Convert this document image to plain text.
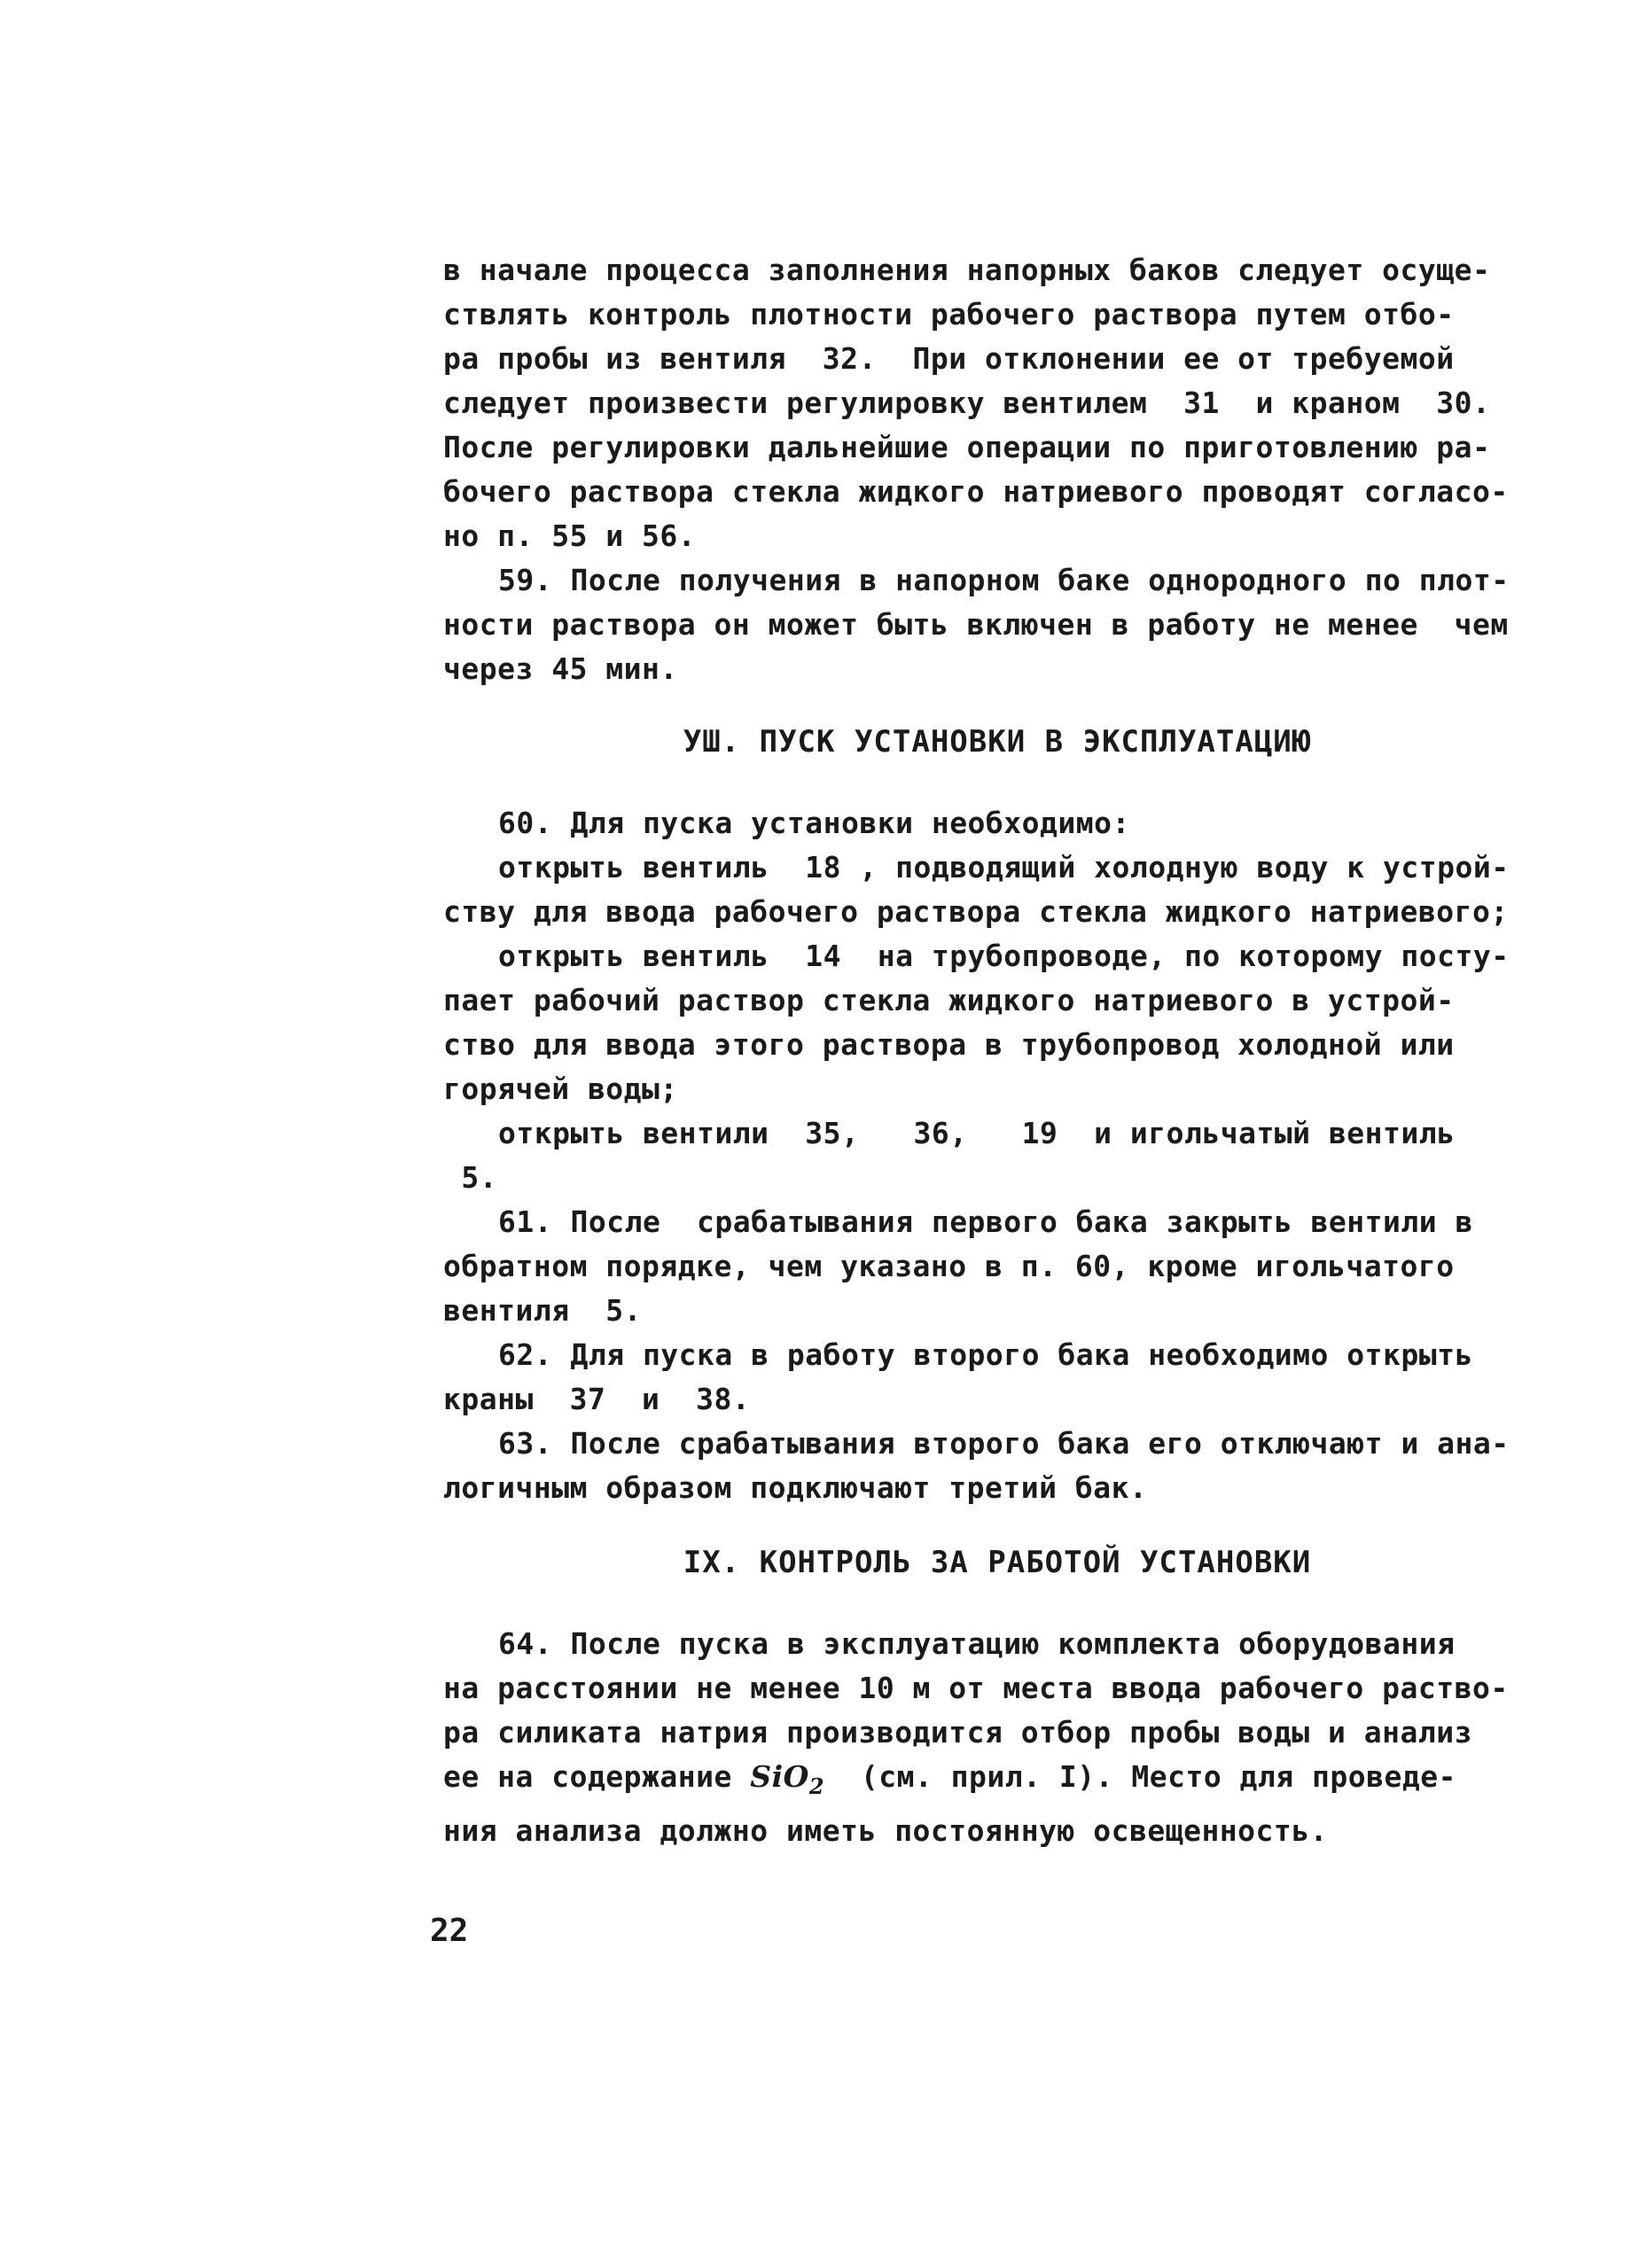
в начале процесса заполнения напорных баков следует осуще-
ствлять контроль плотности рабочего раствора путем отбо-
ра пробы из вентиля  32.  При отклонении ее от требуемой
следует произвести регулировку вентилем  31  и краном  30.
После регулировки дальнейшие операции по приготовлению ра-
бочего раствора стекла жидкого натриевого проводят согласо-
но п. 55 и 56.
59. После получения в напорном баке однородного по плот-
ности раствора он может быть включен в работу не менее  чем
через 45 мин.
УШ. ПУСК УСТАНОВКИ В ЭКСПЛУАТАЦИЮ
60. Для пуска установки необходимо:
открыть вентиль  18 , подводящий холодную воду к устрой-
ству для ввода рабочего раствора стекла жидкого натриевого;
открыть вентиль  14  на трубопроводе, по которому посту-
пает рабочий раствор стекла жидкого натриевого в устрой-
ство для ввода этого раствора в трубопровод холодной или
горячей воды;
открыть вентили  35,   36,   19  и игольчатый вентиль
5.
61. После  срабатывания первого бака закрыть вентили в
обратном порядке, чем указано в п. 60, кроме игольчатого
вентиля  5.
62. Для пуска в работу второго бака необходимо открыть
краны  37  и  38.
63. После срабатывания второго бака его отключают и ана-
логичным образом подключают третий бак.
IX. КОНТРОЛЬ ЗА РАБОТОЙ УСТАНОВКИ
64. После пуска в эксплуатацию комплекта оборудования
на расстоянии не менее 10 м от места ввода рабочего раство-
ра силиката натрия производится отбор пробы воды и анализ
ее на содержание SiO$_2$  (см. прил. I). Место для проведе-
ния анализа должно иметь постоянную освещенность.
22
